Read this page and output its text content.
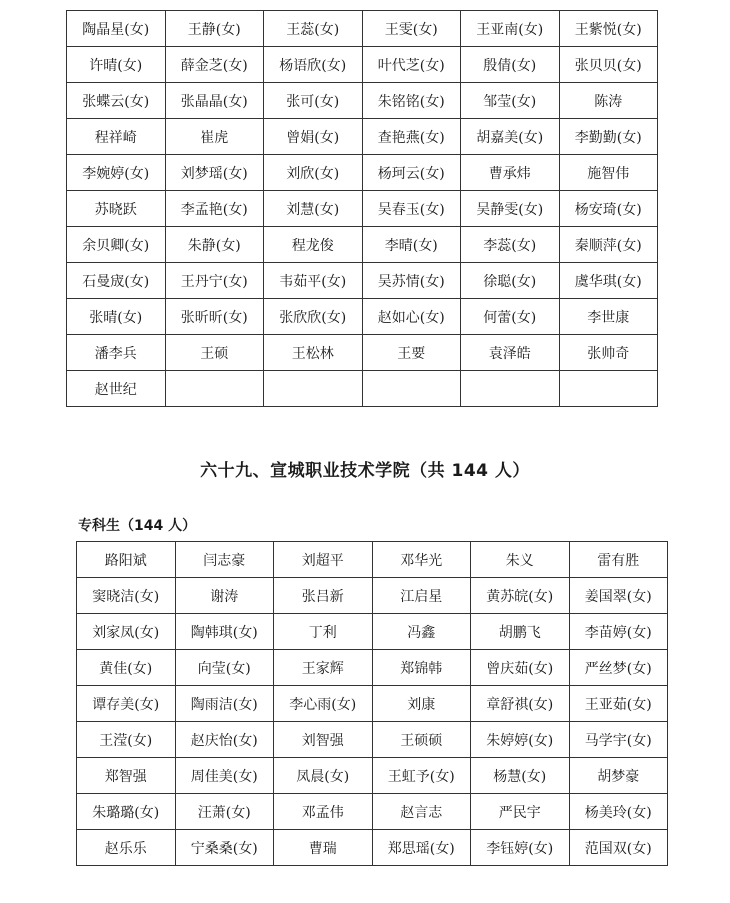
陶晶星(女)	王静(女)	王蕊(女)	王雯(女)	王亚南(女)	王紫悦(女)
许晴(女)	薛金芝(女)	杨语欣(女)	叶代芝(女)	殷倩(女)	张贝贝(女)
张蝶云(女)	张晶晶(女)	张可(女)	朱铭铭(女)	邹莹(女)	陈涛
程祥崎	崔虎	曾娟(女)	查艳燕(女)	胡嘉美(女)	李勤勤(女)
李婉婷(女)	刘梦瑶(女)	刘欣(女)	杨珂云(女)	曹承炜	施智伟
苏晓跃	李孟艳(女)	刘慧(女)	吴春玉(女)	吴静雯(女)	杨安琦(女)
余贝卿(女)	朱静(女)	程龙俊	李晴(女)	李蕊(女)	秦顺萍(女)
石曼宬(女)	王丹宁(女)	韦茹平(女)	吴苏情(女)	徐聪(女)	虞华琪(女)
张晴(女)	张昕昕(女)	张欣欣(女)	赵如心(女)	何蕾(女)	李世康
潘李兵	王硕	王松林	王要	袁泽皓	张帅奇
赵世纪					
六十九、宣城职业技术学院（共 144 人）
专科生（144 人）
路阳斌	闫志豪	刘超平	邓华光	朱义	雷有胜
窦晓洁(女)	谢涛	张吕新	江启星	黄苏皖(女)	姜国翠(女)
刘家凤(女)	陶韩琪(女)	丁利	冯鑫	胡鹏飞	李苗婷(女)
黄佳(女)	向莹(女)	王家辉	郑锦韩	曾庆茹(女)	严丝梦(女)
谭存美(女)	陶雨洁(女)	李心雨(女)	刘康	章舒祺(女)	王亚茹(女)
王滢(女)	赵庆怡(女)	刘智强	王硕硕	朱婷婷(女)	马学宇(女)
郑智强	周佳美(女)	凤晨(女)	王虹予(女)	杨慧(女)	胡梦豪
朱璐璐(女)	汪萧(女)	邓孟伟	赵言志	严民宇	杨美玲(女)
赵乐乐	宁桑桑(女)	曹瑞	郑思瑶(女)	李钰婷(女)	范国双(女)
